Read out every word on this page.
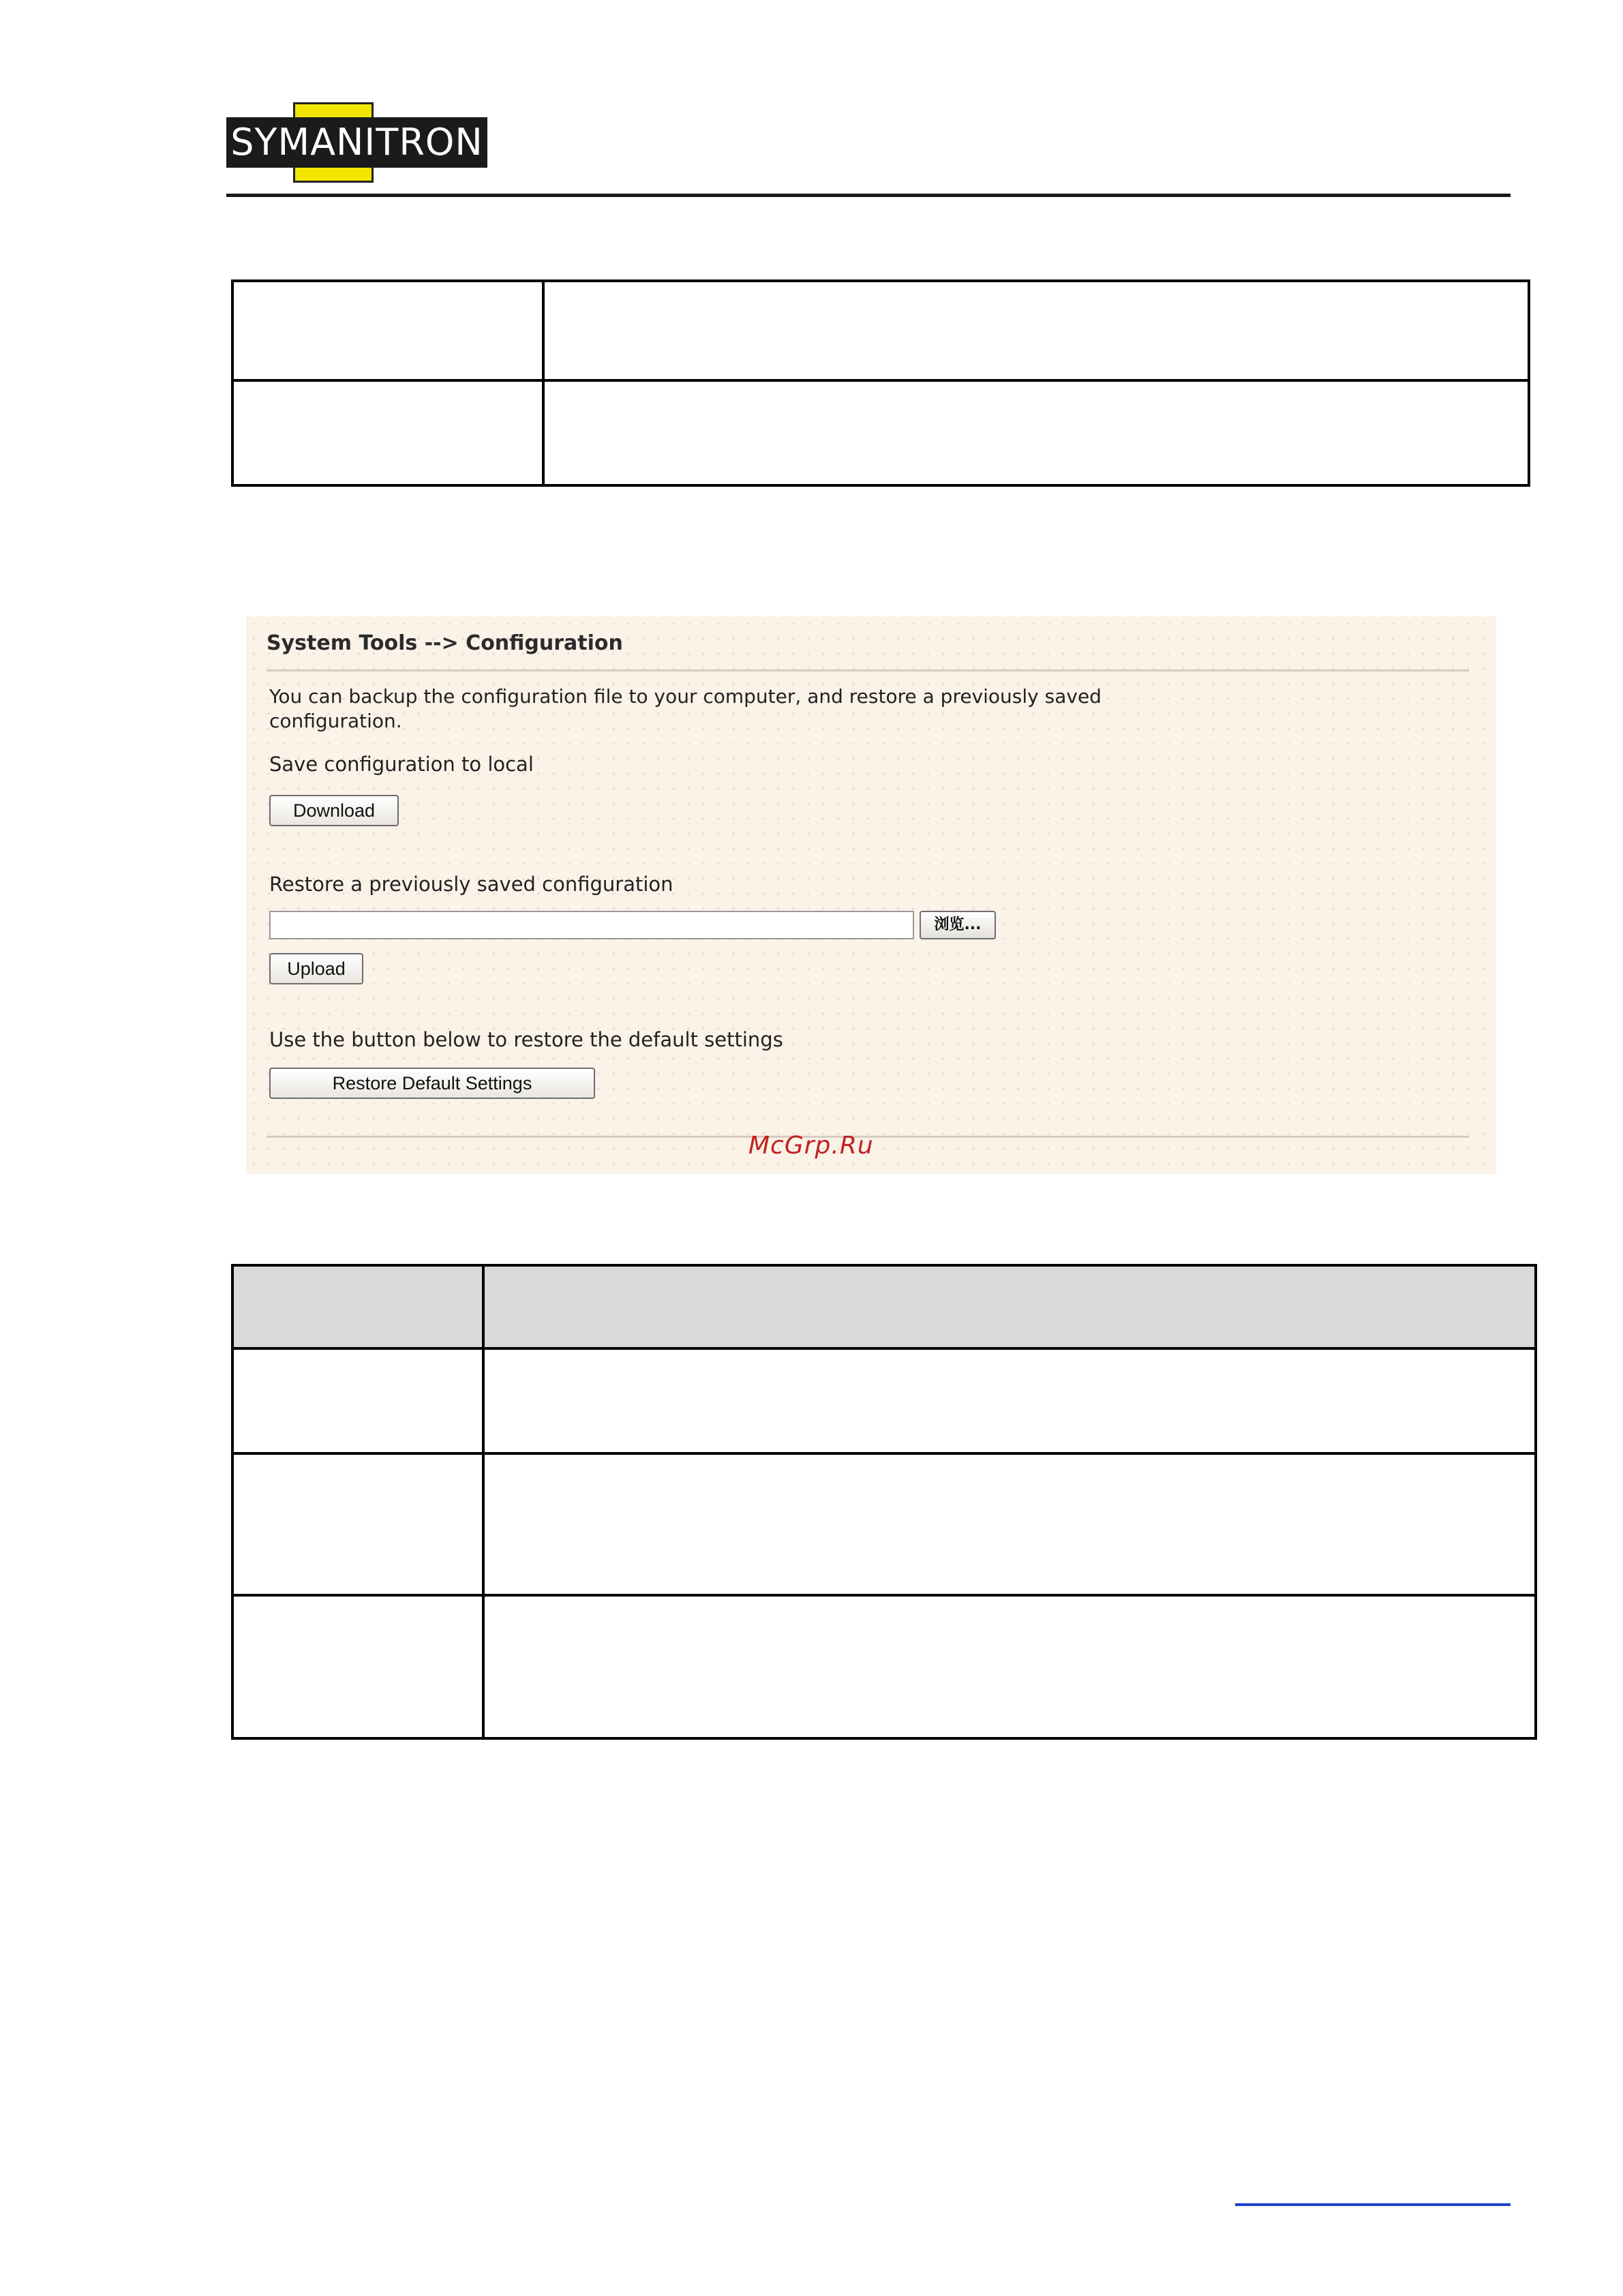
SYMANITRON

System Tools --> Configuration
You can backup the configuration file to your computer, and restore a previously saved configuration.
Save configuration to local
Download
Restore a previously saved configuration
浏览...
Upload
Use the button below to restore the default settings
Restore Default Settings
McGrp.Ru
